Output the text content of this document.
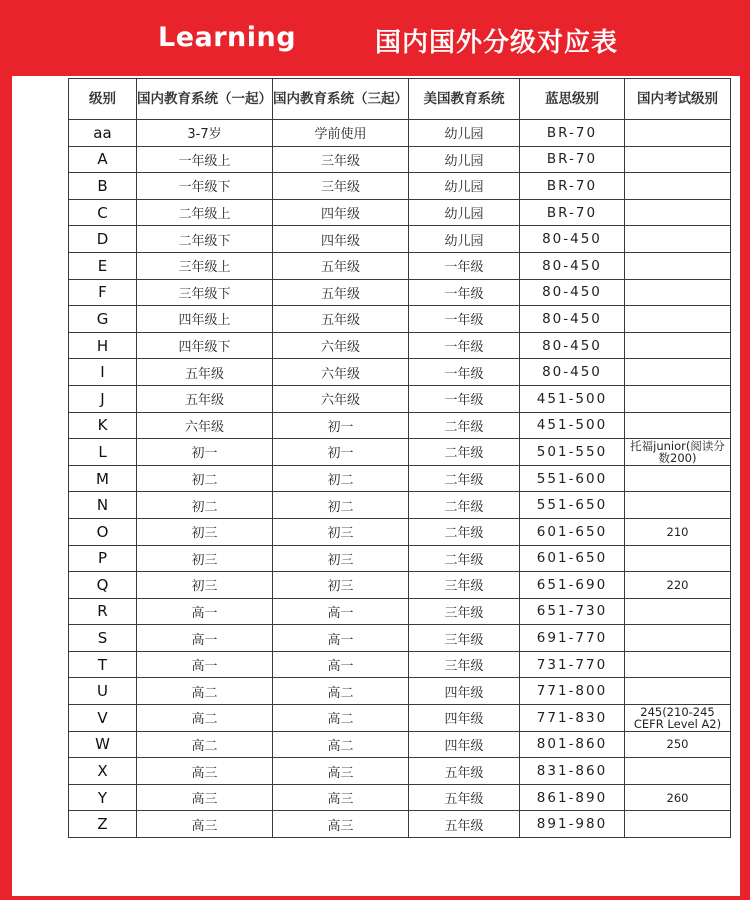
Learning	国内国外分级对应表
级别	国内教育系统（一起）	国内教育系统（三起）	美国教育系统	蓝思级别	国内考试级别
aa	3-7岁	学前使用	幼儿园	BR-70	
A	一年级上	三年级	幼儿园	BR-70	
B	一年级下	三年级	幼儿园	BR-70	
C	二年级上	四年级	幼儿园	BR-70	
D	二年级下	四年级	幼儿园	80-450	
E	三年级上	五年级	一年级	80-450	
F	三年级下	五年级	一年级	80-450	
G	四年级上	五年级	一年级	80-450	
H	四年级下	六年级	一年级	80-450	
I	五年级	六年级	一年级	80-450	
J	五年级	六年级	一年级	451-500	
K	六年级	初一	二年级	451-500	
L	初一	初一	二年级	501-550	托福junior(阅读分数200)
M	初二	初二	二年级	551-600	
N	初二	初二	二年级	551-650	
O	初三	初三	二年级	601-650	210
P	初三	初三	二年级	601-650	
Q	初三	初三	三年级	651-690	220
R	高一	高一	三年级	651-730	
S	高一	高一	三年级	691-770	
T	高一	高一	三年级	731-770	
U	高二	高二	四年级	771-800	
V	高二	高二	四年级	771-830	245(210-245 CEFR Level A2)
W	高二	高二	四年级	801-860	250
X	高三	高三	五年级	831-860	
Y	高三	高三	五年级	861-890	260
Z	高三	高三	五年级	891-980	
